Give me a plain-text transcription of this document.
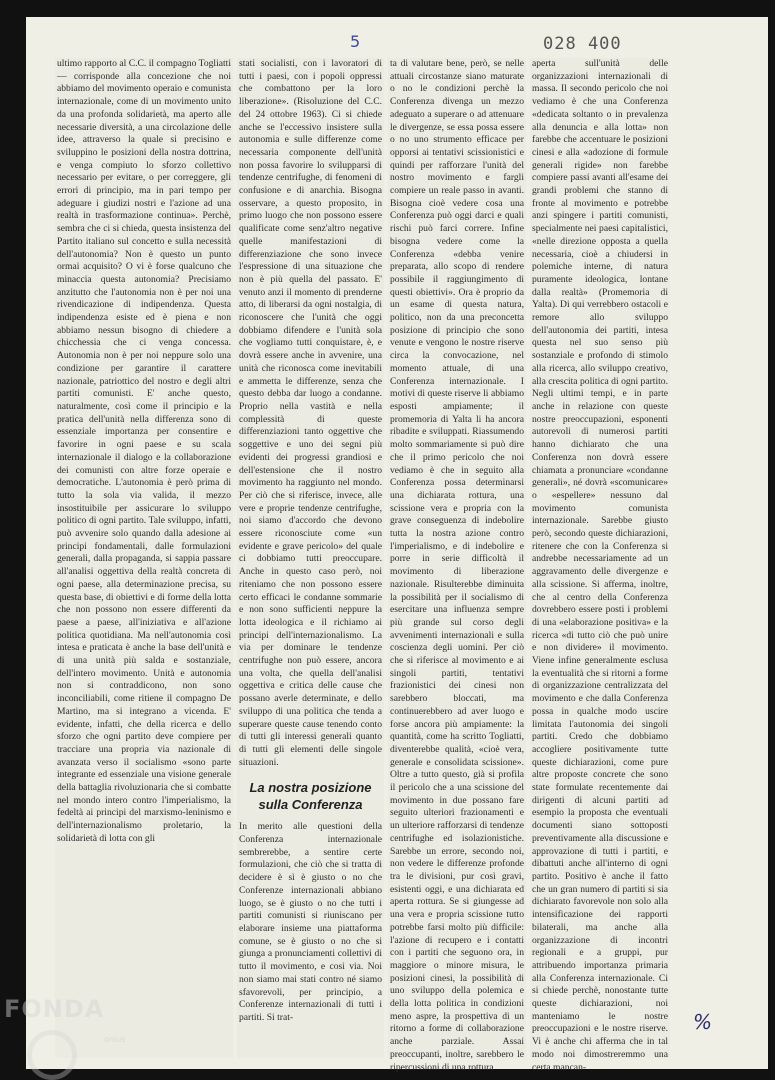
5	028 400

ultimo rapporto al C.C. il compagno Togliatti — corrisponde alla concezione che noi abbiamo del movimento operaio e comunista internazionale, come di un movimento unito da una profonda solidarietà, ma aperto alle necessarie diversità, a una circolazione delle idee, attraverso la quale si precisino e sviluppino le posizioni della nostra dottrina, e venga compiuto lo sforzo collettivo necessario per evitare, o per correggere, gli errori di principio, ma in pari tempo per adeguare i giudizi nostri e l'azione ad una realtà in trasformazione continua». Perchè, sembra che ci si chieda, questa insistenza del Partito italiano sul concetto e sulla necessità dell'autonomia? Non è questo un punto ormai acquisito? O vi è forse qualcuno che minaccia questa autonomia? Precisiamo anzitutto che l'autonomia non è per noi una rivendicazione di indipendenza. Questa indipendenza esiste ed è piena e non abbiamo nessun bisogno di chiedere a chicchessia che ci venga concessa. Autonomia non è per noi neppure solo una condizione per garantire il carattere nazionale, patriottico del nostro e degli altri partiti comunisti. E' anche questo, naturalmente, così come il principio e la pratica dell'unità nella differenza sono di essenziale importanza per consentire e favorire in ogni paese e su scala internazionale il dialogo e la collaborazione dei comunisti con altre forze operaie e democratiche. L'autonomia è però prima di tutto la sola via valida, il mezzo insostituibile per assicurare lo sviluppo politico di ogni partito. Tale sviluppo, infatti, può avvenire solo quando dalla adesione ai principi fondamentali, dalle formulazioni generali, dalla propaganda, si sappia passare all'analisi oggettiva della realtà concreta di ogni paese, alla determinazione precisa, su questa base, di obiettivi e di forme della lotta che non possono non essere differenti da paese a paese, all'iniziativa e all'azione politica quotidiana. Ma nell'autonomia così intesa e praticata è anche la base dell'unità e di una unità più salda e sostanziale, dell'intero movimento. Unità e autonomia non si contraddicono, non sono inconciliabili, come ritiene il compagno De Martino, ma si integrano a vicenda. E' evidente, infatti, che della ricerca e dello sforzo che ogni partito deve compiere per tracciare una propria via nazionale di avanzata verso il socialismo «sono parte integrante ed essenziale una visione generale della battaglia rivoluzionaria che si combatte nel mondo intero contro l'imperialismo, la fedeltà ai principi del marxismo-leninismo e dell'internazionalismo proletario, la solidarietà di lotta con gli

stati socialisti, con i lavoratori di tutti i paesi, con i popoli oppressi che combattono per la loro liberazione». (Risoluzione del C.C. del 24 ottobre 1963). Ci si chiede anche se l'eccessivo insistere sulla autonomia e sulle differenze come necessaria componente dell'unità non possa favorire lo svilupparsi di tendenze centrifughe, di fenomeni di confusione e di anarchia. Bisogna osservare, a questo proposito, in primo luogo che non possono essere qualificate come senz'altro negative quelle manifestazioni di differenziazione che sono invece l'espressione di una situazione che non è più quella del passato. E' venuto anzi il momento di prenderne atto, di liberarsi da ogni nostalgia, di riconoscere che l'unità che oggi dobbiamo difendere e l'unità sola che vogliamo tutti conquistare, è, e dovrà essere anche in avvenire, una unità che riconosca come inevitabili e ammetta le differenze, senza che questo debba dar luogo a condanne. Proprio nella vastità e nella complessità di queste differenziazioni tanto oggettive che soggettive e uno dei segni più evidenti dei progressi grandiosi e dell'estensione che il nostro movimento ha raggiunto nel mondo. Per ciò che si riferisce, invece, alle vere e proprie tendenze centrifughe, noi siamo d'accordo che devono essere riconosciute come «un evidente e grave pericolo» del quale ci dobbiamo tutti preoccupare. Anche in questo caso però, noi riteniamo che non possono essere certo efficaci le condanne sommarie e non sono sufficienti neppure la lotta ideologica e il richiamo ai principi dell'internazionalismo. La via per dominare le tendenze centrifughe non può essere, ancora una volta, che quella dell'analisi oggettiva e critica delle cause che possano averle determinate, e dello sviluppo di una politica che tenda a superare queste cause tenendo conto di tutti gli interessi generali quanto di tutti gli elementi delle singole situazioni.

La nostra posizione sulla Conferenza

In merito alle questioni della Conferenza internazionale sembrerebbe, a sentire certe formulazioni, che ciò che si tratta di decidere è sì è giusto o no che Conferenze internazionali abbiano luogo, se è giusto o no che tutti i partiti comunisti si riuniscano per elaborare insieme una piattaforma comune, se è giusto o no che si giunga a pronunciamenti collettivi di tutto il movimento, e così via. Noi non siamo mai stati contro né siamo sfavorevoli, per principio, a Conferenze internazionali di tutti i partiti. Si trat-

ta di valutare bene, però, se nelle attuali circostanze siano maturate o no le condizioni perchè la Conferenza divenga un mezzo adeguato a superare o ad attenuare le divergenze, se essa possa essere o no uno strumento efficace per opporsi ai tentativi scissionistici e quindi per rafforzare l'unità del nostro movimento e fargli compiere un reale passo in avanti. Bisogna cioè vedere cosa una Conferenza può oggi darci e quali rischi può farci correre. Infine bisogna vedere come la Conferenza «debba venire preparata, allo scopo di rendere possibile il raggiungimento di questi obiettivi». Ora è proprio da un esame di questa natura, politico, non da una preconcetta posizione di principio che sono venute e vengono le nostre riserve circa la convocazione, nel momento attuale, di una Conferenza internazionale. I motivi di queste riserve li abbiamo esposti ampiamente; il promemoria di Yalta li ha ancora ribadite e sviluppati. Riassumendo molto sommariamente si può dire che il primo pericolo che noi vediamo è che in seguito alla Conferenza possa determinarsi una dichiarata rottura, una scissione vera e propria con la grave conseguenza di indebolire tutta la nostra azione contro l'imperialismo, e di indebolire e porre in serie difficoltà il movimento di liberazione nazionale. Risulterebbe diminuita la possibilità per il socialismo di esercitare una influenza sempre più grande sul corso degli avvenimenti internazionali e sulla coscienza degli uomini. Per ciò che si riferisce al movimento e ai singoli partiti, tentativi frazionistici dei cinesi non sarebbero bloccati, ma continuerebbero ad aver luogo e forse ancora più ampiamente: la quantità, come ha scritto Togliatti, diventerebbe qualità, «cioè vera, generale e consolidata scissione». Oltre a tutto questo, già si profila il pericolo che a una scissione del movimento in due possano fare seguito ulteriori frazionamenti e un ulteriore rafforzarsi di tendenze centrifughe ed isolazionistiche. Sarebbe un errore, secondo noi, non vedere le differenze profonde tra le divisioni, pur così gravi, esistenti oggi, e una dichiarata ed aperta rottura. Se si giungesse ad una vera e propria scissione tutto potrebbe farsi molto più difficile: l'azione di recupero e i contatti con i partiti che seguono ora, in maggiore o minore misura, le posizioni cinesi, la possibilità di uno sviluppo della polemica e della lotta politica in condizioni meno aspre, la prospettiva di un ritorno a forme di collaborazione anche parziale. Assai preoccupanti, inoltre, sarebbero le ripercussioni di una rottura

aperta sull'unità delle organizzazioni internazionali di massa. Il secondo pericolo che noi vediamo è che una Conferenza «dedicata soltanto o in prevalenza alla denuncia e alla lotta» non farebbe che accentuare le posizioni cinesi e alla «adozione di formule generali rigide» non farebbe compiere passi avanti all'esame dei grandi problemi che stanno di fronte al movimento e potrebbe anzi spingere i partiti comunisti, specialmente nei paesi capitalistici, «nelle direzione opposta a quella necessaria, cioè a chiudersi in polemiche interne, di natura puramente ideologica, lontane dalla realtà» (Promemoria di Yalta). Di qui verrebbero ostacoli e remore allo sviluppo dell'autonomia dei partiti, intesa questa nel suo senso più sostanziale e profondo di stimolo alla ricerca, allo sviluppo creativo, alla crescita politica di ogni partito. Negli ultimi tempi, e in parte anche in relazione con queste nostre preoccupazioni, esponenti autorevoli di numerosi partiti hanno dichiarato che una Conferenza non dovrà essere chiamata a pronunciare «condanne generali», né dovrà «scomunicare» o «espellere» nessuno dal movimento comunista internazionale. Sarebbe giusto però, secondo queste dichiarazioni, ritenere che con la Conferenza si andrebbe necessariamente ad un aggravamento delle divergenze e alla scissione. Si afferma, inoltre, che al centro della Conferenza dovrebbero essere posti i problemi di una «elaborazione positiva» e la ricerca «di tutto ciò che può unire e non dividere» il movimento. Viene infine generalmente esclusa la eventualità che si ritorni a forme di organizzazione centralizzata del movimento e che dalla Conferenza possa in qualche modo uscire limitata l'autonomia dei singoli partiti. Credo che dobbiamo accogliere positivamente tutte queste dichiarazioni, come pure altre proposte concrete che sono state formulate recentemente dai dirigenti di alcuni partiti ad esempio la proposta che eventuali documenti siano sottoposti preventivamente alla discussione e approvazione di tutti i partiti, e dibattuti anche all'interno di ogni partito. Positivo è anche il fatto che un gran numero di partiti si sia dichiarato favorevole non solo alla intensificazione dei rapporti bilaterali, ma anche alla organizzazione di incontri regionali e a gruppi, pur attribuendo importanza primaria alla Conferenza internazionale. Ci si chiede perchè, nonostante tutte queste dichiarazioni, noi manteniamo le nostre preoccupazioni e le nostre riserve. Vi è anche chi afferma che in tal modo noi dimostreremmo una certa mancan-

%
FONDA
onlus
